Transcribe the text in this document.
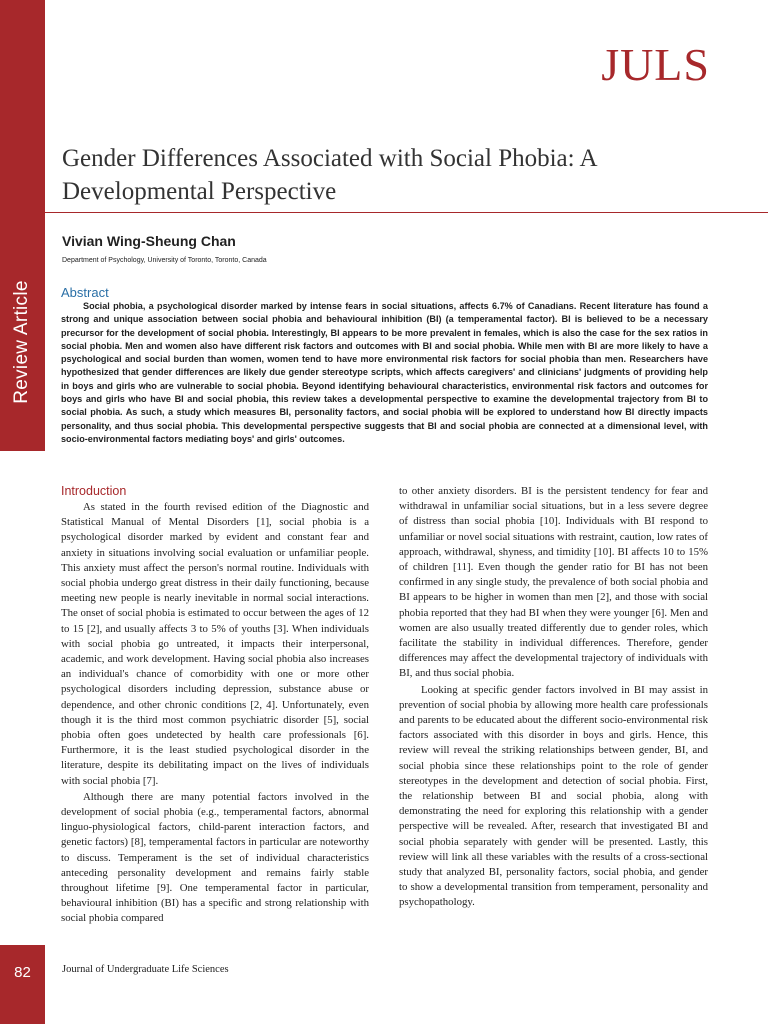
Review Article
82
JULS
Gender Differences Associated with Social Phobia: A Developmental Perspective

Vivian Wing-Sheung Chan

Department of Psychology, University of Toronto, Toronto, Canada

Abstract

Social phobia, a psychological disorder marked by intense fears in social situations, affects 6.7% of Canadians. Recent literature has found a strong and unique association between social phobia and behavioural inhibition (BI) (a temperamental factor). BI is believed to be a necessary precursor for the development of social phobia. Interestingly, BI appears to be more prevalent in females, which is also the case for the sex ratios in social phobia. Men and women also have different risk factors and outcomes with BI and social phobia. While men with BI are more likely to have a psychological and social burden than women, women tend to have more environmental risk factors for social phobia than men. Researchers have hypothesized that gender differences are likely due gender stereotype scripts, which affects caregivers' and clinicians' judgments of providing help in boys and girls who are vulnerable to social phobia. Beyond identifying behavioural characteristics, environmental risk factors and outcomes for boys and girls who have BI and social phobia, this review takes a developmental perspective to examine the developmental trajectory from BI to social phobia. As such, a study which measures BI, personality factors, and social phobia will be explored to understand how BI directly impacts personality, and thus social phobia. This developmental perspective suggests that BI and social phobia are connected at a dimensional level, with socio-environmental factors mediating boys' and girls' outcomes.

Introduction

As stated in the fourth revised edition of the Diagnostic and Statistical Manual of Mental Disorders [1], social phobia is a psychological disorder marked by evident and constant fear and anxiety in situations involving social evaluation or unfamiliar people. This anxiety must affect the person's normal routine. Individuals with social phobia undergo great distress in their daily functioning, because meeting new people is nearly inevitable in normal social interactions. The onset of social phobia is estimated to occur between the ages of 12 to 15 [2], and usually affects 3 to 5% of youths [3]. When individuals with social phobia go untreated, it impacts their interpersonal, academic, and work development. Having social phobia also increases an individual's chance of comorbidity with one or more other psychological disorders including depression, substance abuse or dependence, and other chronic conditions [2, 4]. Unfortunately, even though it is the third most common psychiatric disorder [5], social phobia often goes undetected by health care professionals [6]. Furthermore, it is the least studied psychological disorder in the literature, despite its debilitating impact on the lives of individuals with social phobia [7].

Although there are many potential factors involved in the development of social phobia (e.g., temperamental factors, abnormal linguo-physiological factors, child-parent interaction factors, and genetic factors) [8], temperamental factors in particular are noteworthy to discuss. Temperament is the set of individual characteristics anteceding personality development and remains fairly stable throughout lifetime [9]. One temperamental factor in particular, behavioural inhibition (BI) has a specific and strong relationship with social phobia compared

to other anxiety disorders. BI is the persistent tendency for fear and withdrawal in unfamiliar social situations, but in a less severe degree of distress than social phobia [10]. Individuals with BI respond to unfamiliar or novel social situations with restraint, caution, low rates of approach, withdrawal, shyness, and timidity [10]. BI affects 10 to 15% of children [11]. Even though the gender ratio for BI has not been confirmed in any single study, the prevalence of both social phobia and BI appears to be higher in women than men [2], and those with social phobia reported that they had BI when they were younger [6]. Men and women are also usually treated differently due to gender roles, which facilitate the stability in individual differences. Therefore, gender differences may affect the developmental trajectory of individuals with BI, and thus social phobia.

Looking at specific gender factors involved in BI may assist in prevention of social phobia by allowing more health care professionals and parents to be educated about the different socio-environmental risk factors associated with this disorder in boys and girls. Hence, this review will reveal the striking relationships between gender, BI, and social phobia since these relationships point to the role of gender stereotypes in the development and detection of social phobia. First, the relationship between BI and social phobia, along with demonstrating the need for exploring this relationship with a gender perspective will be revealed. After, research that investigated BI and social phobia separately with gender will be presented. Lastly, this review will link all these variables with the results of a cross-sectional study that analyzed BI, personality factors, social phobia, and gender to show a developmental transition from temperament, personality and psychopathology.

Journal of Undergraduate Life Sciences
